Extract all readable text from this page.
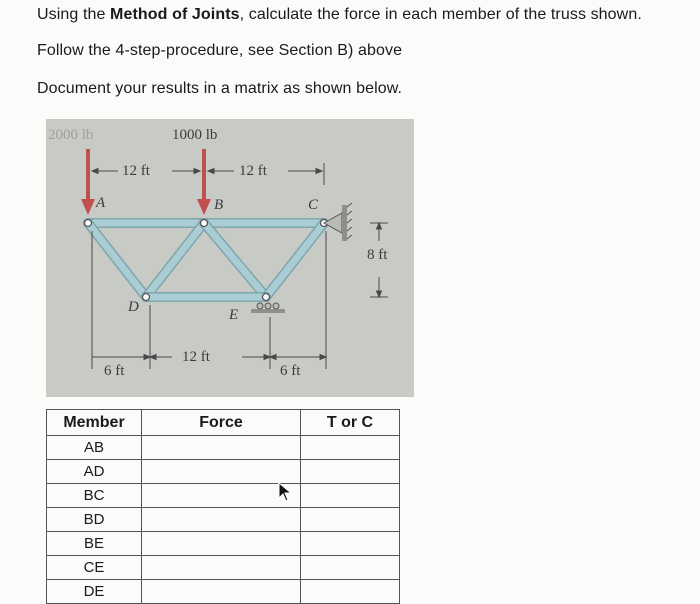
Using the Method of Joints, calculate the force in each member of the truss shown.
Follow the 4-step-procedure, see Section B) above
Document your results in a matrix as shown below.
2000 lb	1000 lb
12 ft	12 ft
A	B	C
D	E
8 ft
6 ft
12 ft
6 ft
Member	Force	T or C
AB		
AD		
BC		
BD		
BE		
CE		
DE		
